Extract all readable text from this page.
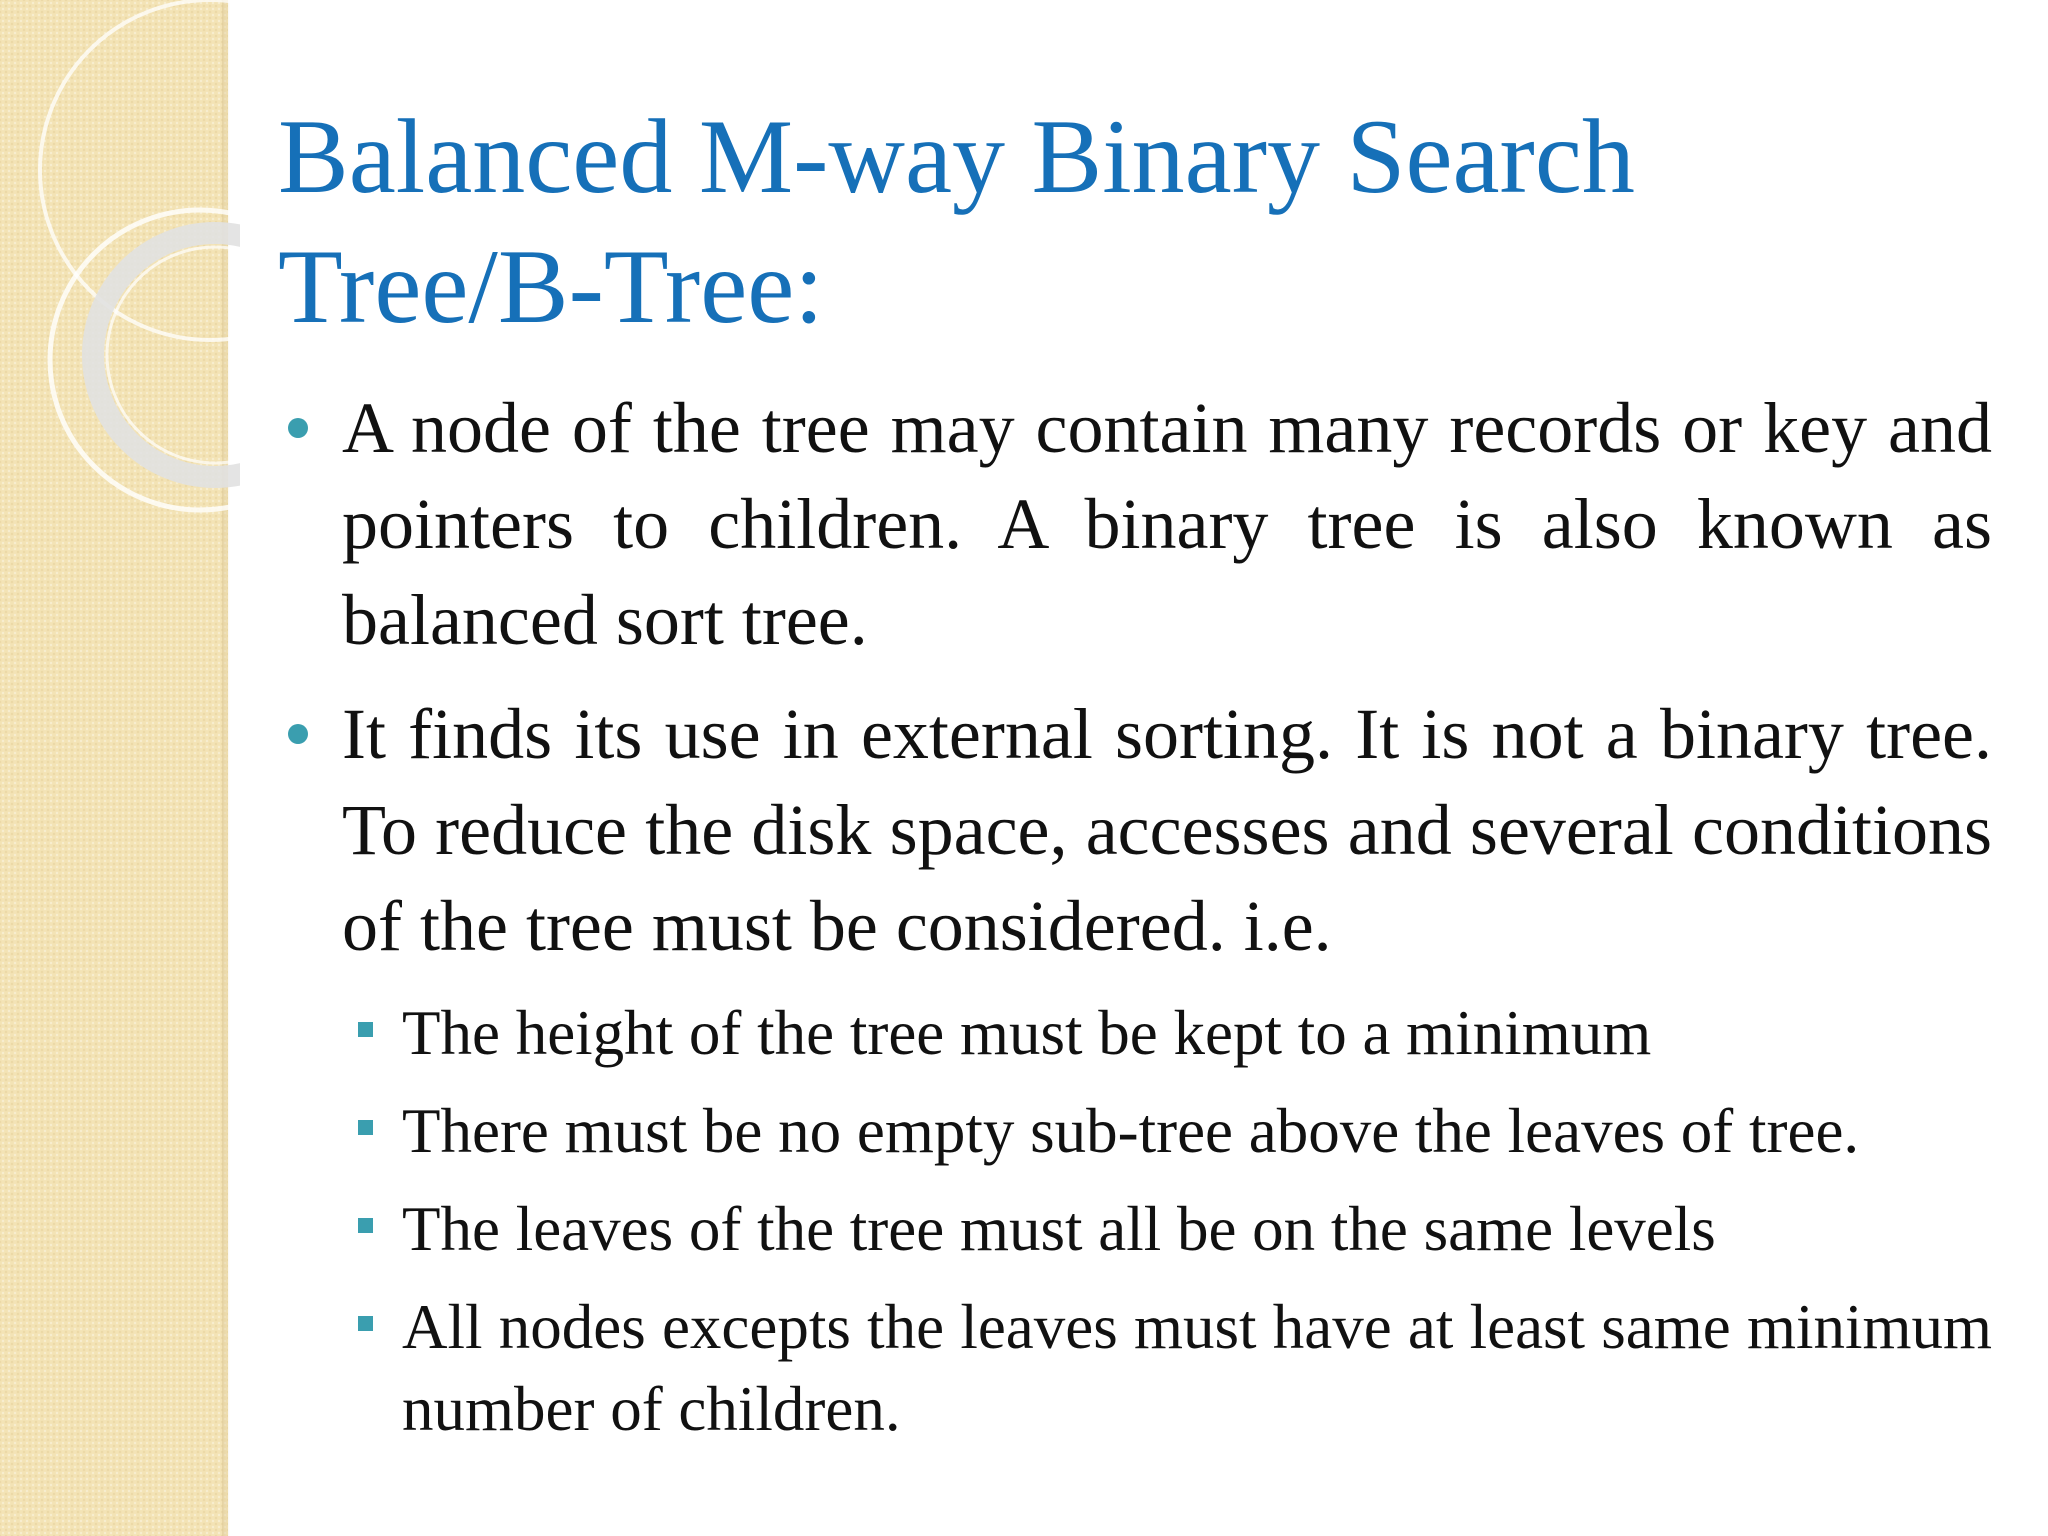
Balanced M-way Binary Search
Tree/B-Tree:
A node of the tree may contain many records or key and pointers to children. A binary tree is also known as balanced sort tree.
It finds its use in external sorting. It is not a binary tree. To reduce the disk space, accesses and several conditions of the tree must be considered. i.e.
The height of the tree must be kept to a minimum
There must be no empty sub-tree above the leaves of tree.
The leaves of the tree must all be on the same levels
All nodes excepts the leaves must have at least same minimum number of children.
